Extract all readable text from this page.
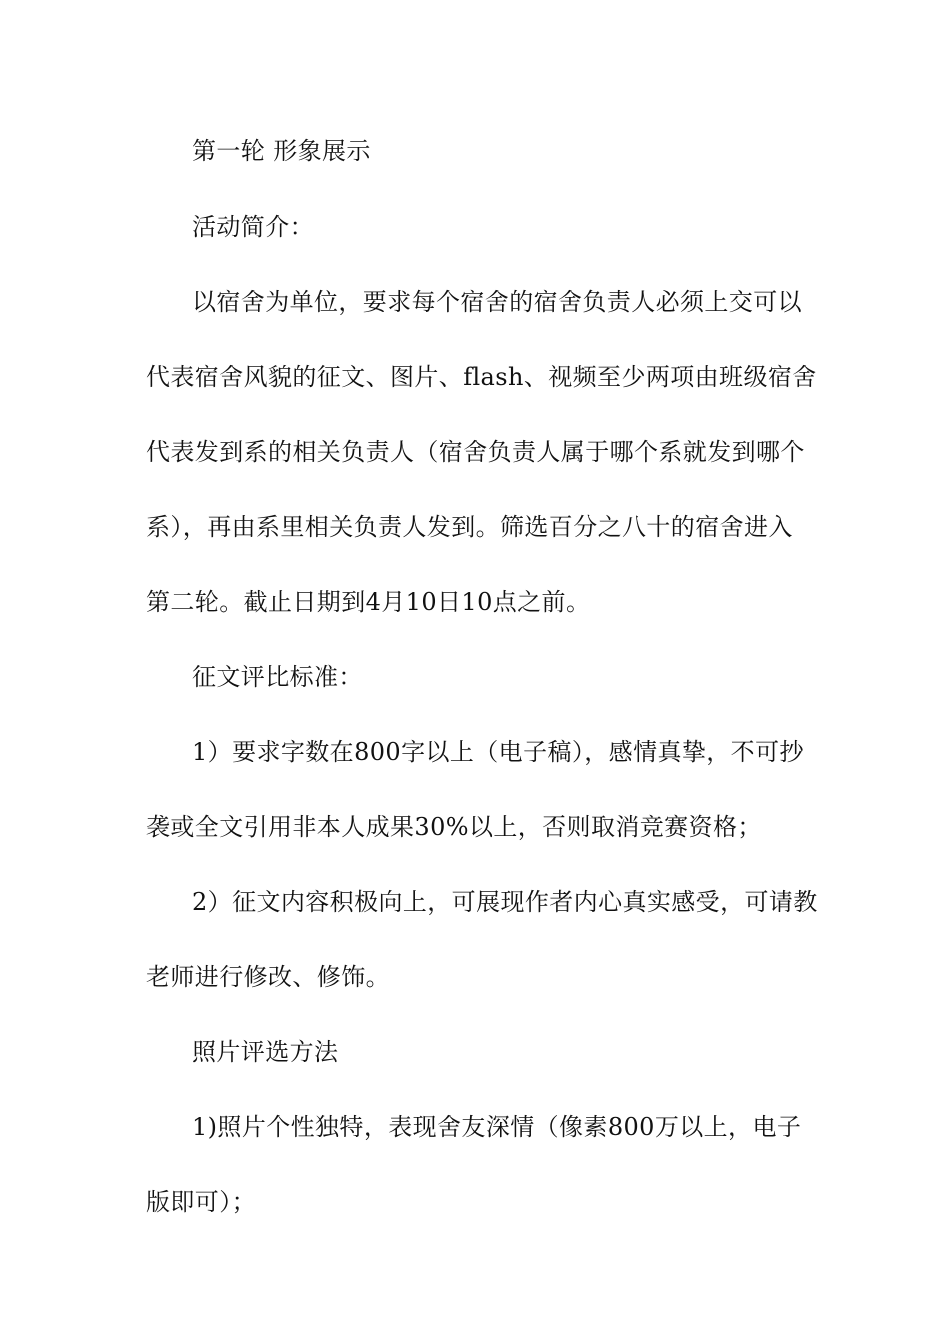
第一轮 形象展示
活动简介：
以宿舍为单位，要求每个宿舍的宿舍负责人必须上交可以
代表宿舍风貌的征文、图片、flash、视频至少两项由班级宿舍
代表发到系的相关负责人（宿舍负责人属于哪个系就发到哪个
系），再由系里相关负责人发到。筛选百分之八十的宿舍进入
第二轮。截止日期到4月10日10点之前。
征文评比标准：
1）要求字数在800字以上（电子稿），感情真挚，不可抄
袭或全文引用非本人成果30%以上，否则取消竞赛资格；
2）征文内容积极向上，可展现作者内心真实感受，可请教
老师进行修改、修饰。
照片评选方法
1)照片个性独特，表现舍友深情（像素800万以上，电子
版即可）；
